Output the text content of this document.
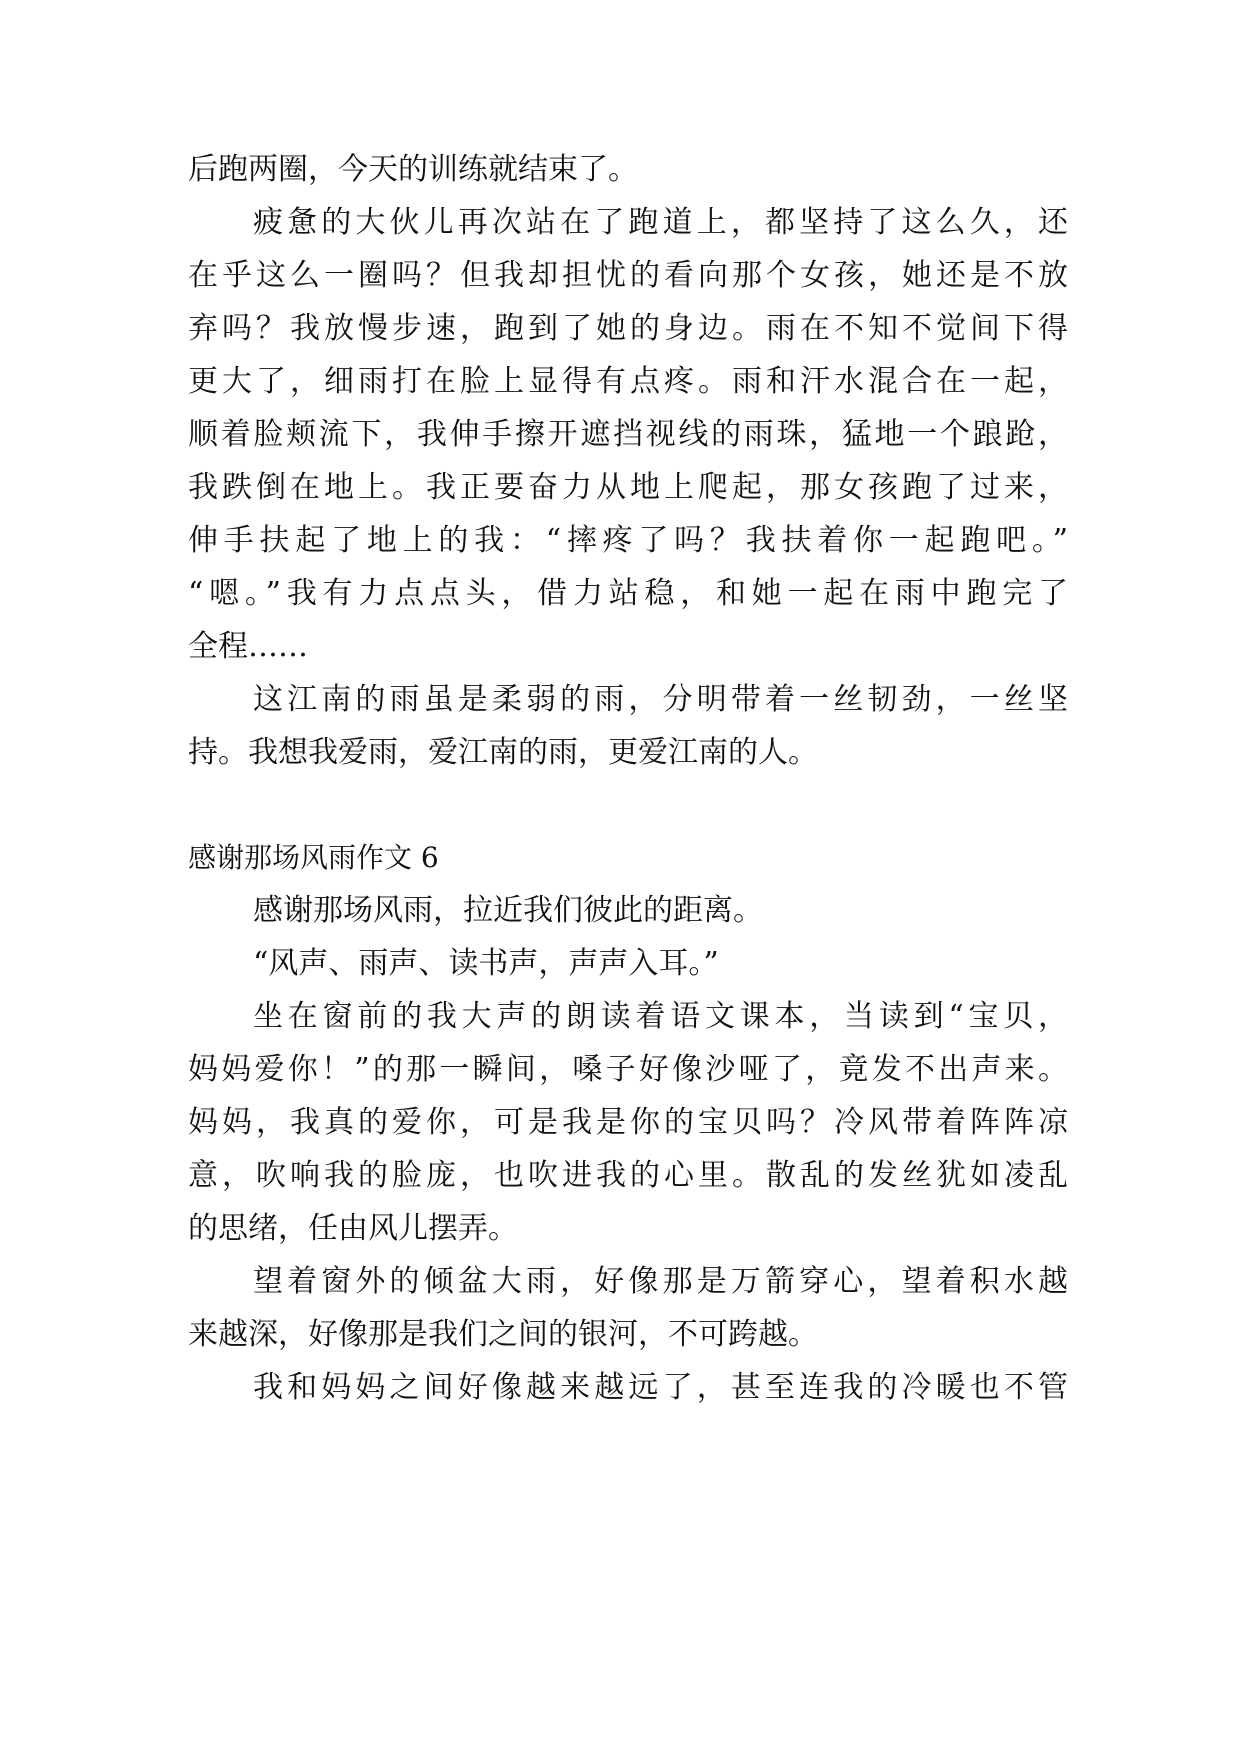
后跑两圈，今天的训练就结束了。
疲惫的大伙儿再次站在了跑道上，都坚持了这么久，还
在乎这么一圈吗？但我却担忧的看向那个女孩，她还是不放
弃吗？我放慢步速，跑到了她的身边。雨在不知不觉间下得
更大了，细雨打在脸上显得有点疼。雨和汗水混合在一起，
顺着脸颊流下，我伸手擦开遮挡视线的雨珠，猛地一个踉跄，
我跌倒在地上。我正要奋力从地上爬起，那女孩跑了过来，
伸手扶起了地上的我：“摔疼了吗？我扶着你一起跑吧。”
“嗯。”我有力点点头，借力站稳，和她一起在雨中跑完了
全程……
这江南的雨虽是柔弱的雨，分明带着一丝韧劲，一丝坚
持。我想我爱雨，爱江南的雨，更爱江南的人。
感谢那场风雨作文 6
感谢那场风雨，拉近我们彼此的距离。
“风声、雨声、读书声，声声入耳。”
坐在窗前的我大声的朗读着语文课本，当读到“宝贝，
妈妈爱你！”的那一瞬间，嗓子好像沙哑了，竟发不出声来。
妈妈，我真的爱你，可是我是你的宝贝吗？冷风带着阵阵凉
意，吹响我的脸庞，也吹进我的心里。散乱的发丝犹如凌乱
的思绪，任由风儿摆弄。
望着窗外的倾盆大雨，好像那是万箭穿心，望着积水越
来越深，好像那是我们之间的银河，不可跨越。
我和妈妈之间好像越来越远了，甚至连我的冷暖也不管
